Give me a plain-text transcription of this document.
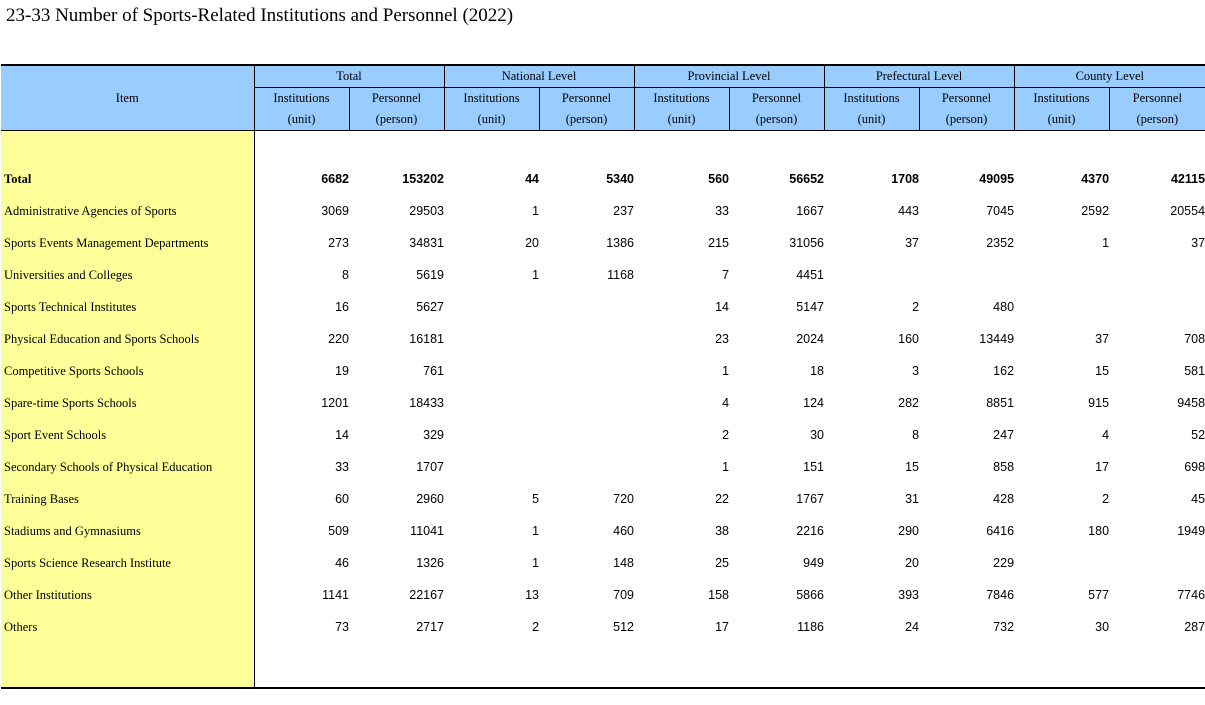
23-33 Number of Sports-Related Institutions and Personnel (2022)
Item	Total		National Level		Provincial Level		Prefectural Level		County Level	
	Institutions	Personnel	Institutions	Personnel	Institutions	Personnel	Institutions	Personnel	Institutions	Personnel
	(unit)	(person)	(unit)	(person)	(unit)	(person)	(unit)	(person)	(unit)	(person)

Total	6682	153202	44	5340	560	56652	1708	49095	4370	42115
Administrative Agencies of Sports	3069	29503	1	237	33	1667	443	7045	2592	20554
Sports Events Management Departments	273	34831	20	1386	215	31056	37	2352	1	37
Universities and Colleges	8	5619	1	1168	7	4451				
Sports Technical Institutes	16	5627			14	5147	2	480		
Physical Education and Sports Schools	220	16181			23	2024	160	13449	37	708
Competitive Sports Schools	19	761			1	18	3	162	15	581
Spare-time Sports Schools	1201	18433			4	124	282	8851	915	9458
Sport Event Schools	14	329			2	30	8	247	4	52
Secondary Schools of Physical Education	33	1707			1	151	15	858	17	698
Training Bases	60	2960	5	720	22	1767	31	428	2	45
Stadiums and Gymnasiums	509	11041	1	460	38	2216	290	6416	180	1949
Sports Science Research Institute	46	1326	1	148	25	949	20	229		
Other Institutions	1141	22167	13	709	158	5866	393	7846	577	7746
Others	73	2717	2	512	17	1186	24	732	30	287
